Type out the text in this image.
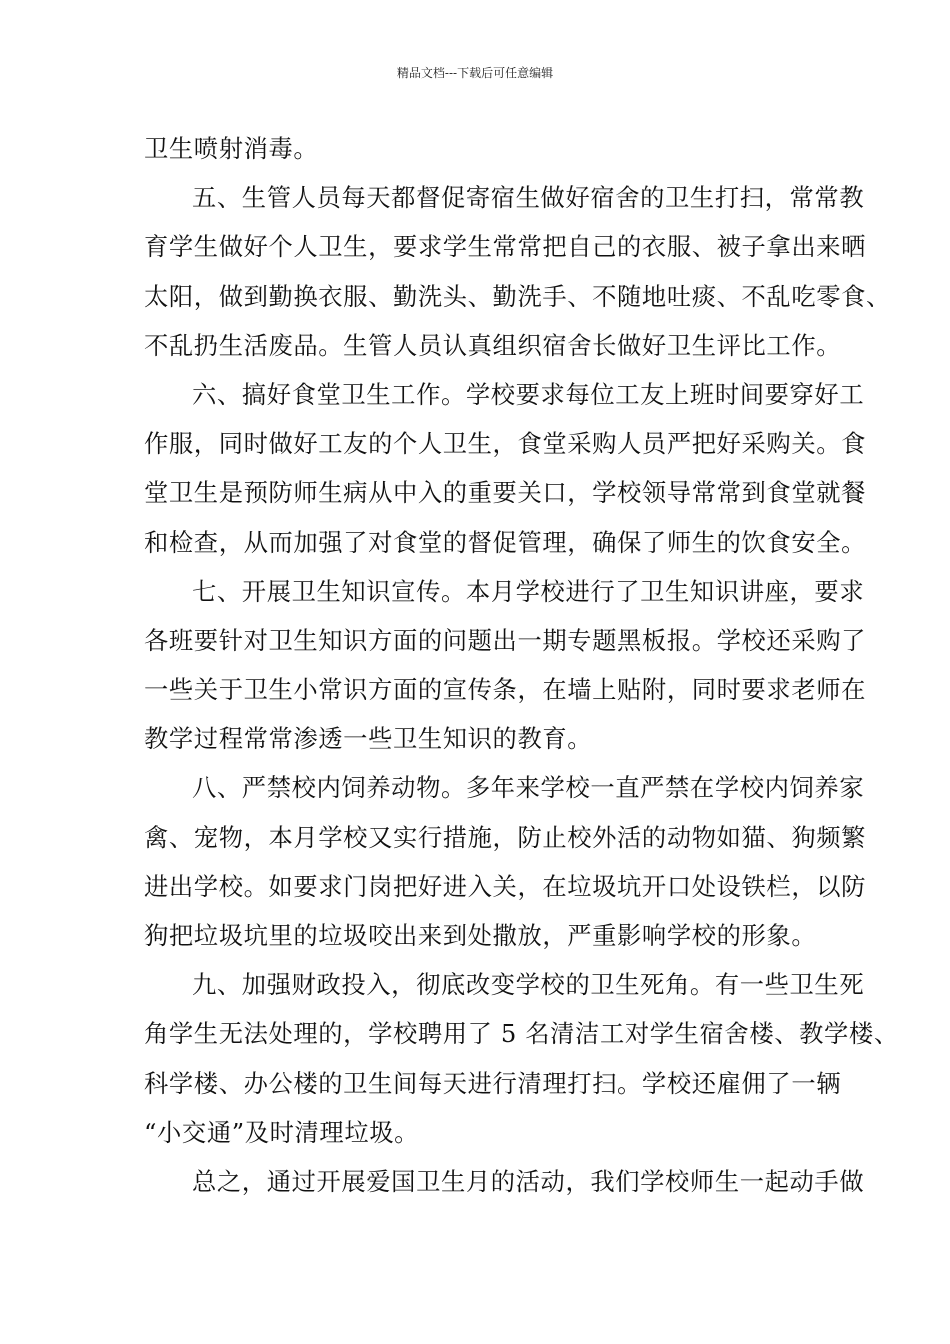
精品文档---下载后可任意编辑

卫生喷射消毒。

五、生管人员每天都督促寄宿生做好宿舍的卫生打扫，常常教
育学生做好个人卫生，要求学生常常把自己的衣服、被子拿出来晒
太阳，做到勤换衣服、勤洗头、勤洗手、不随地吐痰、不乱吃零食、
不乱扔生活废品。生管人员认真组织宿舍长做好卫生评比工作。

六、搞好食堂卫生工作。学校要求每位工友上班时间要穿好工
作服，同时做好工友的个人卫生，食堂采购人员严把好采购关。食
堂卫生是预防师生病从中入的重要关口，学校领导常常到食堂就餐
和检查，从而加强了对食堂的督促管理，确保了师生的饮食安全。

七、开展卫生知识宣传。本月学校进行了卫生知识讲座，要求
各班要针对卫生知识方面的问题出一期专题黑板报。学校还采购了
一些关于卫生小常识方面的宣传条，在墙上贴附，同时要求老师在
教学过程常常渗透一些卫生知识的教育。

八、严禁校内饲养动物。多年来学校一直严禁在学校内饲养家
禽、宠物，本月学校又实行措施，防止校外活的动物如猫、狗频繁
进出学校。如要求门岗把好进入关，在垃圾坑开口处设铁栏，以防
狗把垃圾坑里的垃圾咬出来到处撒放，严重影响学校的形象。

九、加强财政投入，彻底改变学校的卫生死角。有一些卫生死
角学生无法处理的，学校聘用了 5 名清洁工对学生宿舍楼、教学楼、
科学楼、办公楼的卫生间每天进行清理打扫。学校还雇佣了一辆
“小交通”及时清理垃圾。

总之，通过开展爱国卫生月的活动，我们学校师生一起动手做
